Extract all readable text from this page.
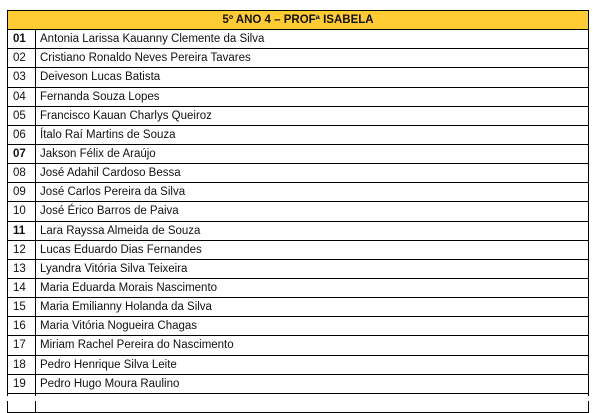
5º ANO 4 – PROFª ISABELA	
01	Antonia Larissa Kauanny Clemente da Silva
02	Cristiano Ronaldo Neves Pereira Tavares
03	Deiveson Lucas Batista
04	Fernanda Souza Lopes
05	Francisco Kauan Charlys Queiroz
06	Ítalo Raí Martins de Souza
07	Jakson Félix de Araújo
08	José Adahil Cardoso Bessa
09	José Carlos Pereira da Silva
10	José Érico Barros de Paiva
11	Lara Rayssa Almeida de Souza
12	Lucas Eduardo Dias Fernandes
13	Lyandra Vitória Silva Teixeira
14	Maria Eduarda Morais Nascimento
15	Maria Emilianny Holanda da Silva
16	Maria Vitória Nogueira Chagas
17	Miriam Rachel Pereira do Nascimento
18	Pedro Henrique Silva Leite
19	Pedro Hugo Moura Raulino
